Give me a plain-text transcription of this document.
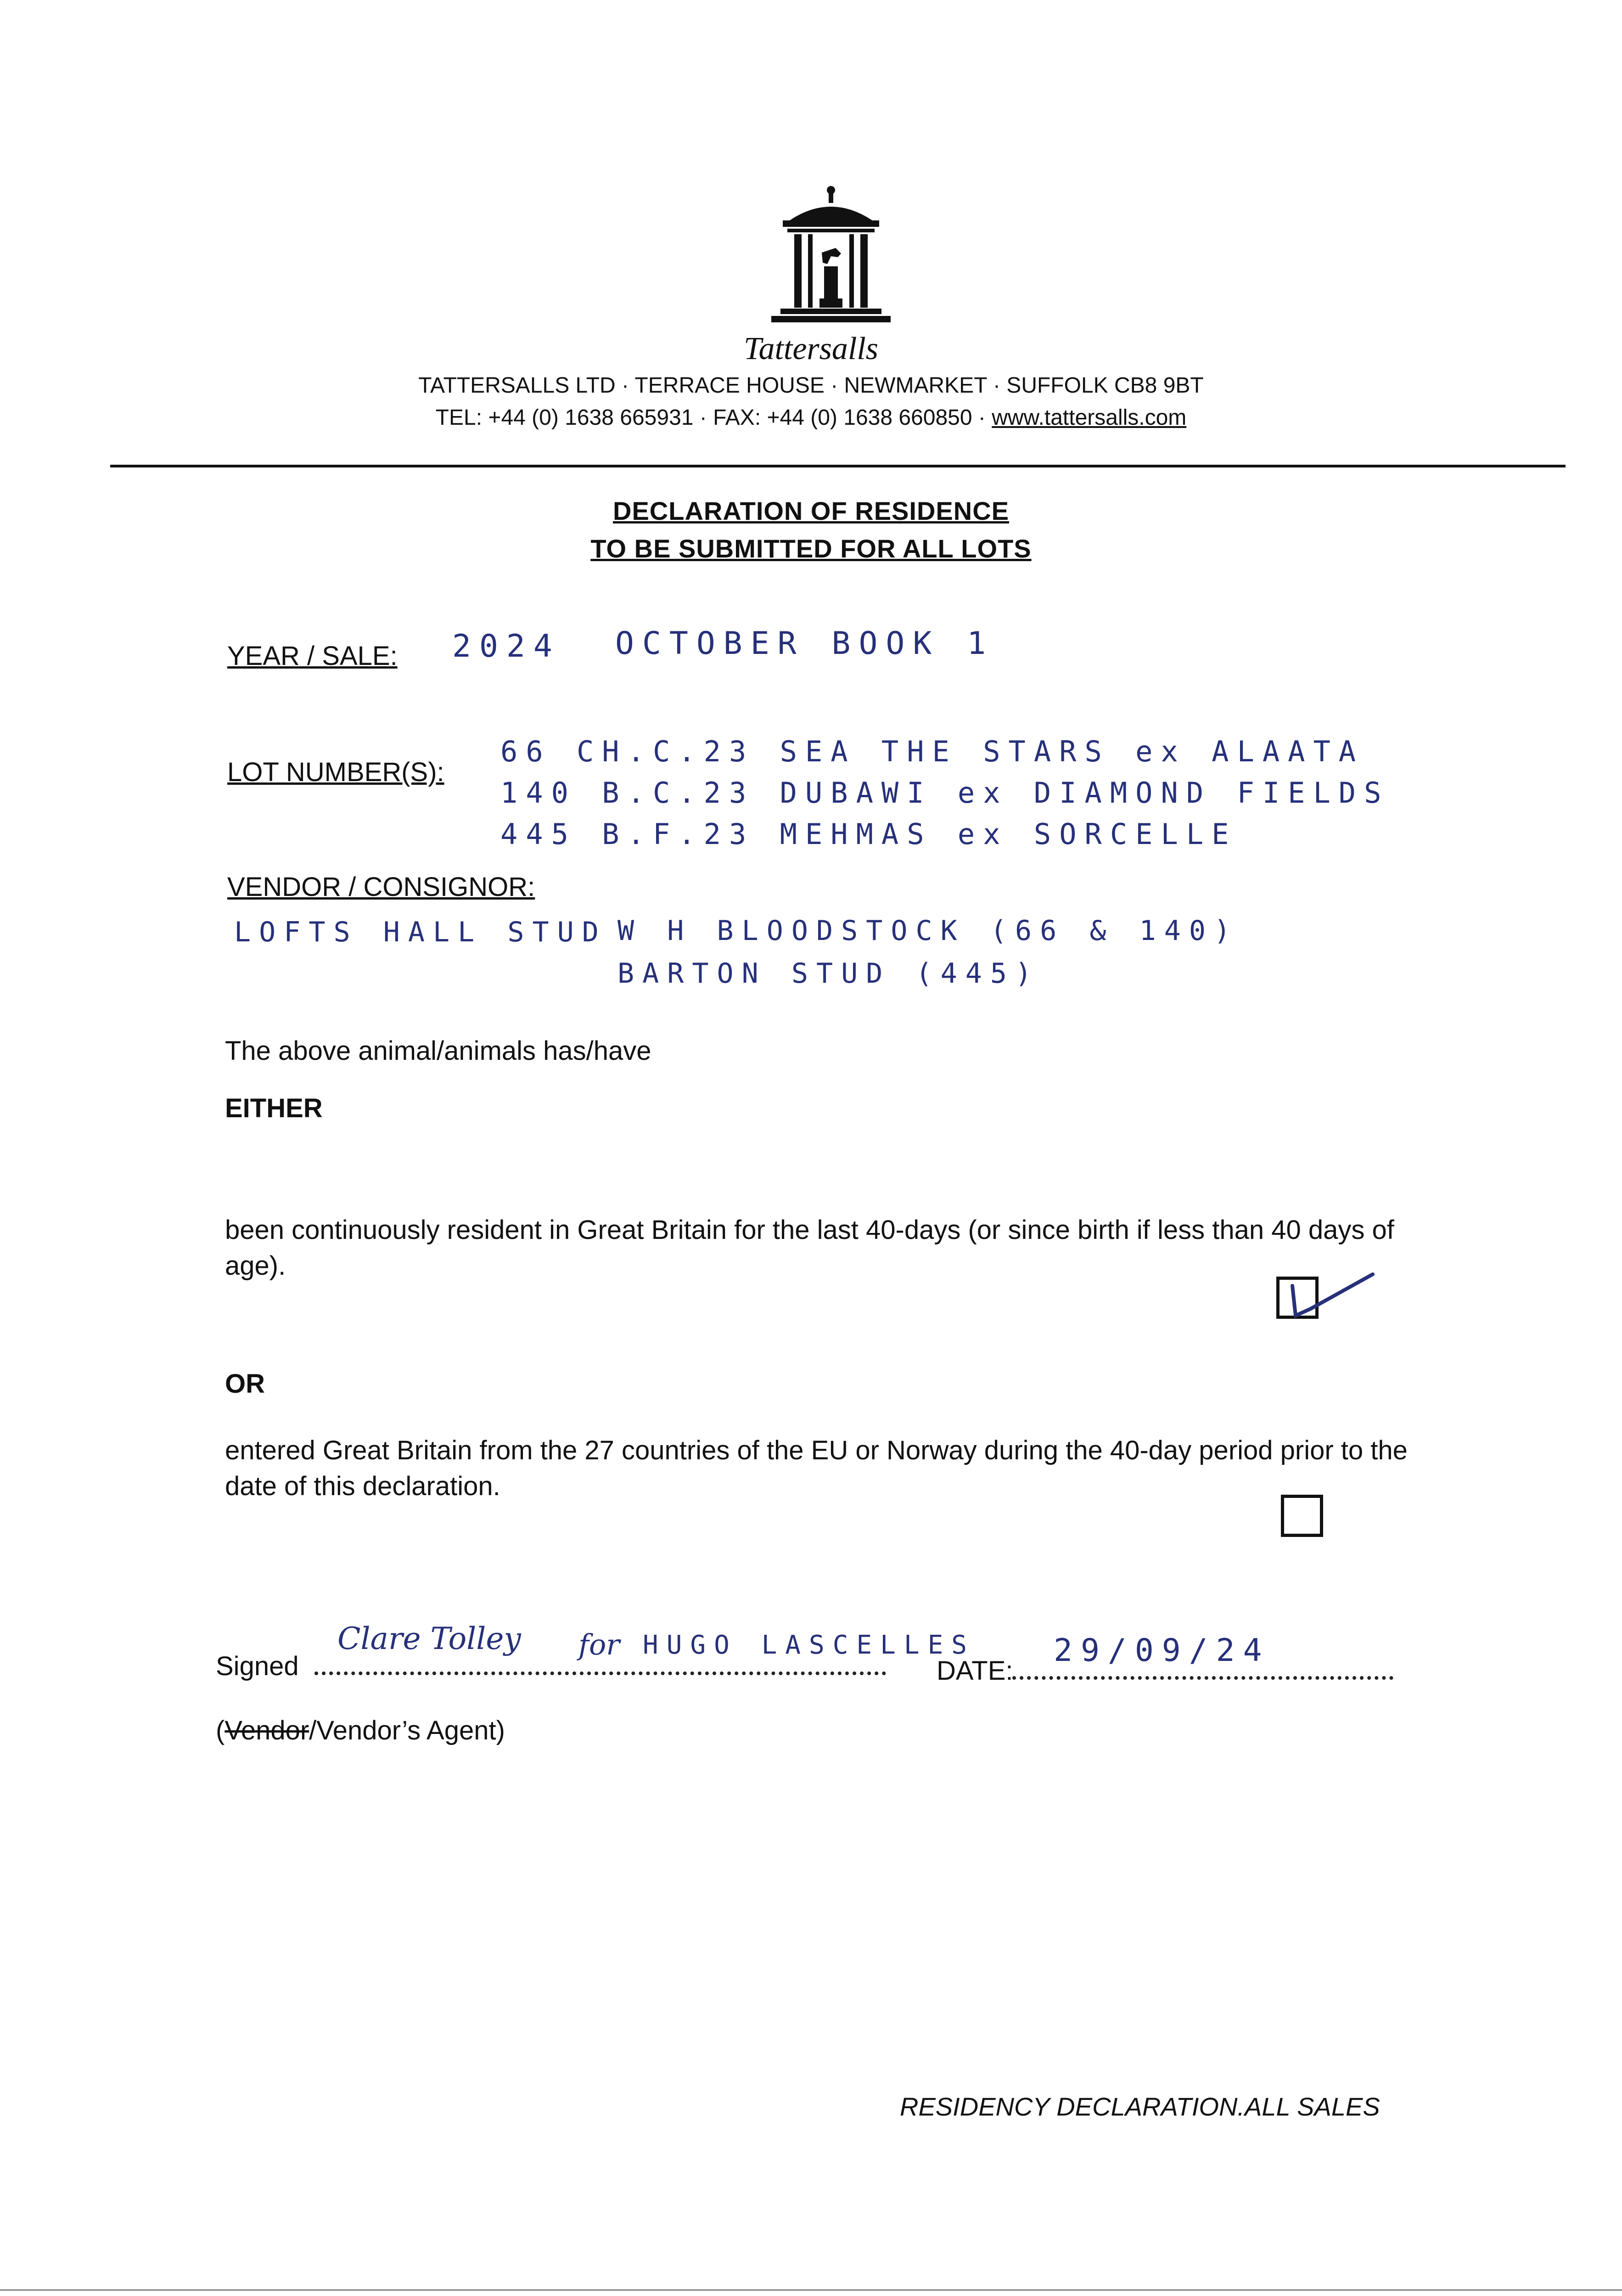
Tattersalls
TATTERSALLS LTD · TERRACE HOUSE · NEWMARKET · SUFFOLK CB8 9BT
TEL: +44 (0) 1638 665931 · FAX: +44 (0) 1638 660850 · www.tattersalls.com
DECLARATION OF RESIDENCE
TO BE SUBMITTED FOR ALL LOTS
YEAR / SALE: 2024 OCTOBER BOOK 1
LOT NUMBER(S):
66 CH.C.23 SEA THE STARS ex ALAATA
140 B.C.23 DUBAWI ex DIAMOND FIELDS
445 B.F.23 MEHMAS ex SORCELLE
VENDOR / CONSIGNOR:
LOFTS HALL STUD W H BLOODSTOCK (66 & 140)
BARTON STUD (445)
The above animal/animals has/have
EITHER
been continuously resident in Great Britain for the last 40-days (or since birth if less than 40 days of age).
OR
entered Great Britain from the 27 countries of the EU or Norway during the 40-day period prior to the date of this declaration.
Signed
Clare Tolley for HUGO LASCELLES
DATE:
29/09/24
(Vendor/Vendor’s Agent)
RESIDENCY DECLARATION.ALL SALES
